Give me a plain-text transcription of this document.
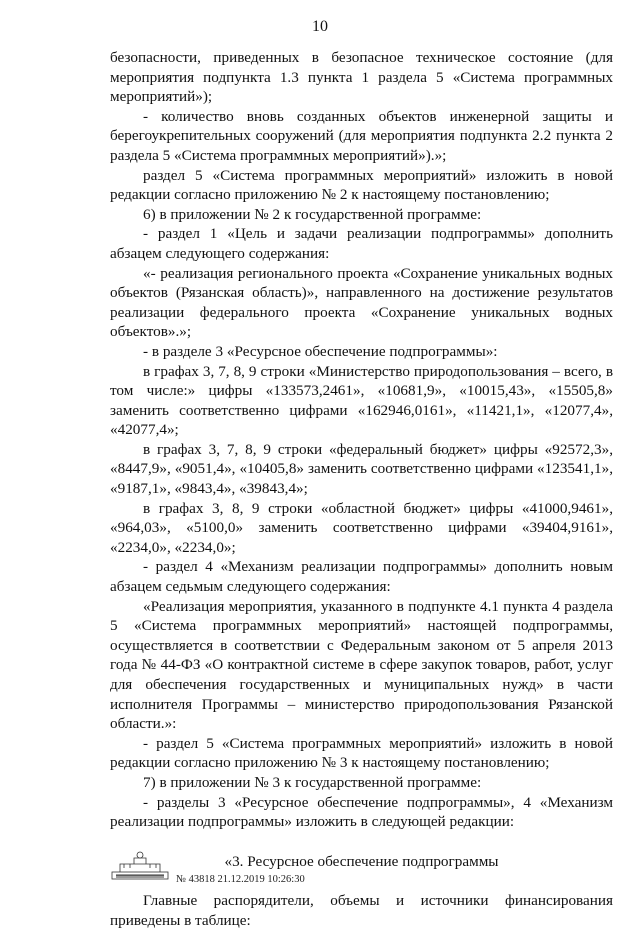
10

безопасности, приведенных в безопасное техническое состояние (для мероприятия подпункта 1.3 пункта 1 раздела 5 «Система программных мероприятий»);

- количество вновь созданных объектов инженерной защиты и берегоукрепительных сооружений (для мероприятия подпункта 2.2 пункта 2 раздела 5 «Система программных мероприятий»).»;

раздел 5 «Система программных мероприятий» изложить в новой редакции согласно приложению № 2 к настоящему постановлению;

6) в приложении № 2 к государственной программе:

- раздел 1 «Цель и задачи реализации подпрограммы» дополнить абзацем следующего содержания:

«- реализация регионального проекта «Сохранение уникальных водных объектов (Рязанская область)», направленного на достижение результатов реализации федерального проекта «Сохранение уникальных водных объектов».»;

- в разделе 3 «Ресурсное обеспечение подпрограммы»:

в графах 3, 7, 8, 9 строки «Министерство природопользования – всего, в том числе:» цифры «133573,2461», «10681,9», «10015,43», «15505,8» заменить соответственно цифрами «162946,0161», «11421,1», «12077,4», «42077,4»;

в графах 3, 7, 8, 9 строки «федеральный бюджет» цифры «92572,3», «8447,9», «9051,4», «10405,8» заменить соответственно цифрами «123541,1», «9187,1», «9843,4», «39843,4»;

в графах 3, 8, 9 строки «областной бюджет» цифры «41000,9461», «964,03», «5100,0» заменить соответственно цифрами «39404,9161», «2234,0», «2234,0»;

- раздел 4 «Механизм реализации подпрограммы» дополнить новым абзацем седьмым следующего содержания:

«Реализация мероприятия, указанного в подпункте 4.1 пункта 4 раздела 5 «Система программных мероприятий» настоящей подпрограммы, осуществляется в соответствии с Федеральным законом от 5 апреля 2013 года № 44-ФЗ «О контрактной системе в сфере закупок товаров, работ, услуг для обеспечения государственных и муниципальных нужд» в части исполнителя Программы – министерство природопользования Рязанской области.»:

- раздел 5 «Система программных мероприятий» изложить в новой редакции согласно приложению № 3 к настоящему постановлению;

7) в приложении № 3 к государственной программе:

- разделы 3 «Ресурсное обеспечение подпрограммы», 4 «Механизм реализации подпрограммы» изложить в следующей редакции:

«3. Ресурсное обеспечение подпрограммы

Главные распорядители, объемы и источники финансирования приведены в таблице:

№ 43818 21.12.2019 10:26:30
